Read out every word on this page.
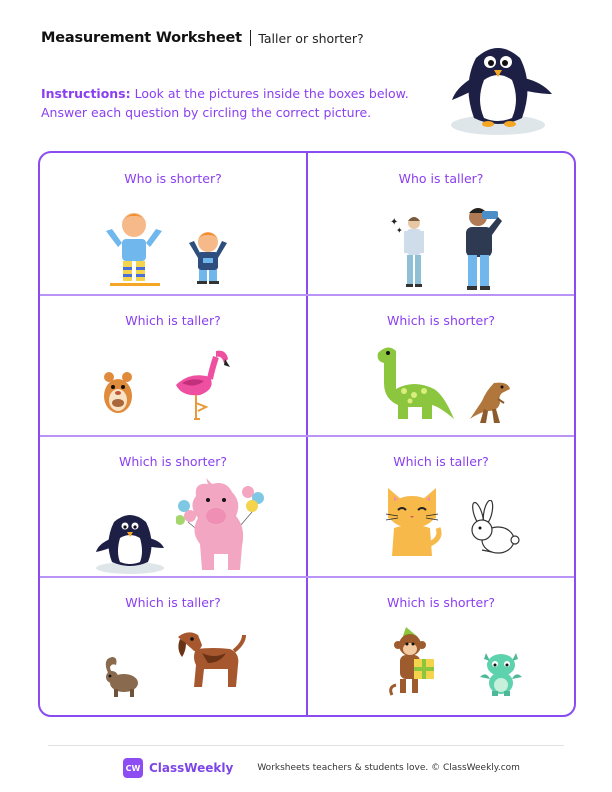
Measurement Worksheet Taller or shorter?
Instructions: Look at the pictures inside the boxes below.
Answer each question by circling the correct picture.
Who is shorter?	Who is taller?
✦
✦
Which is taller?	Which is shorter?
Which is shorter?	Which is taller?
Which is taller?	Which is shorter?
CW ClassWeekly	Worksheets teachers & students love. © ClassWeekly.com
